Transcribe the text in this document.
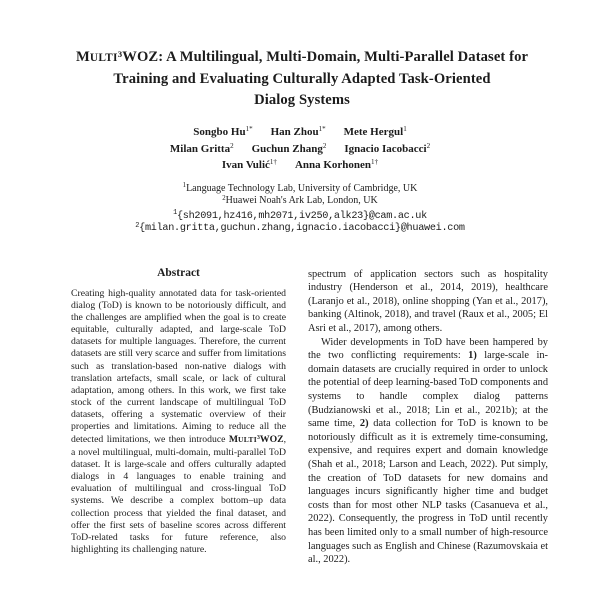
MULTI$^3$WOZ: A Multilingual, Multi-Domain, Multi-Parallel Dataset for
Training and Evaluating Culturally Adapted Task-Oriented
Dialog Systems
Songbo $Hu^{1*}$ Han Zhou$^{1*}$ Mete Hergul$^1$
Milan Gritta$^2$ Guchun Zhang$^2$ Ignacio Iacobacci$^2$
Ivan Vulić$^{1\dagger}$ Anna Korhonen$^{1\dagger}$
$^1$Language Technology Lab, University of Cambridge, UK
$^2$Huawei Noah's Ark Lab, London, UK
$^1${sh2091,hz416,mh2071,iv250,alk23}@cam.ac.uk
$^2${milan.gritta,guchun.zhang,ignacio.iacobacci}@huawei.com
Abstract

Creating high-quality annotated data for task-oriented dialog (ToD) is known to be notoriously difficult, and the challenges are amplified when the goal is to create equitable, culturally adapted, and large-scale ToD datasets for multiple languages. Therefore, the current datasets are still very scarce and suffer from limitations such as translation-based non-native dialogs with translation artefacts, small scale, or lack of cultural adaptation, among others. In this work, we first take stock of the current landscape of multilingual ToD datasets, offering a systematic overview of their properties and limitations. Aiming to reduce all the detected limitations, we then introduce MULTI$^3$WOZ, a novel multilingual, multi-domain, multi-parallel ToD dataset. It is large-scale and offers culturally adapted dialogs in 4 languages to enable training and evaluation of multilingual and cross-lingual ToD systems. We describe a complex bottom–up data collection process that yielded the final dataset, and offer the first sets of baseline scores across different ToD-related tasks for future reference, also highlighting its challenging nature.

spectrum of application sectors such as hospitality industry (Henderson et al., 2014, 2019), healthcare (Laranjo et al., 2018), online shopping (Yan et al., 2017), banking (Altinok, 2018), and travel (Raux et al., 2005; El Asri et al., 2017), among others.

Wider developments in ToD have been hampered by the two conflicting requirements: 1) large-scale in-domain datasets are crucially required in order to unlock the potential of deep learning-based ToD components and systems to handle complex dialog patterns (Budzianowski et al., 2018; Lin et al., 2021b); at the same time, 2) data collection for ToD is known to be notoriously difficult as it is extremely time-consuming, expensive, and requires expert and domain knowledge (Shah et al., 2018; Larson and Leach, 2022). Put simply, the creation of ToD datasets for new domains and languages incurs significantly higher time and budget costs than for most other NLP tasks (Casanueva et al., 2022). Consequently, the progress in ToD until recently has been limited only to a small number of high-resource languages such as English and Chinese (Razumovskaia et al., 2022).
